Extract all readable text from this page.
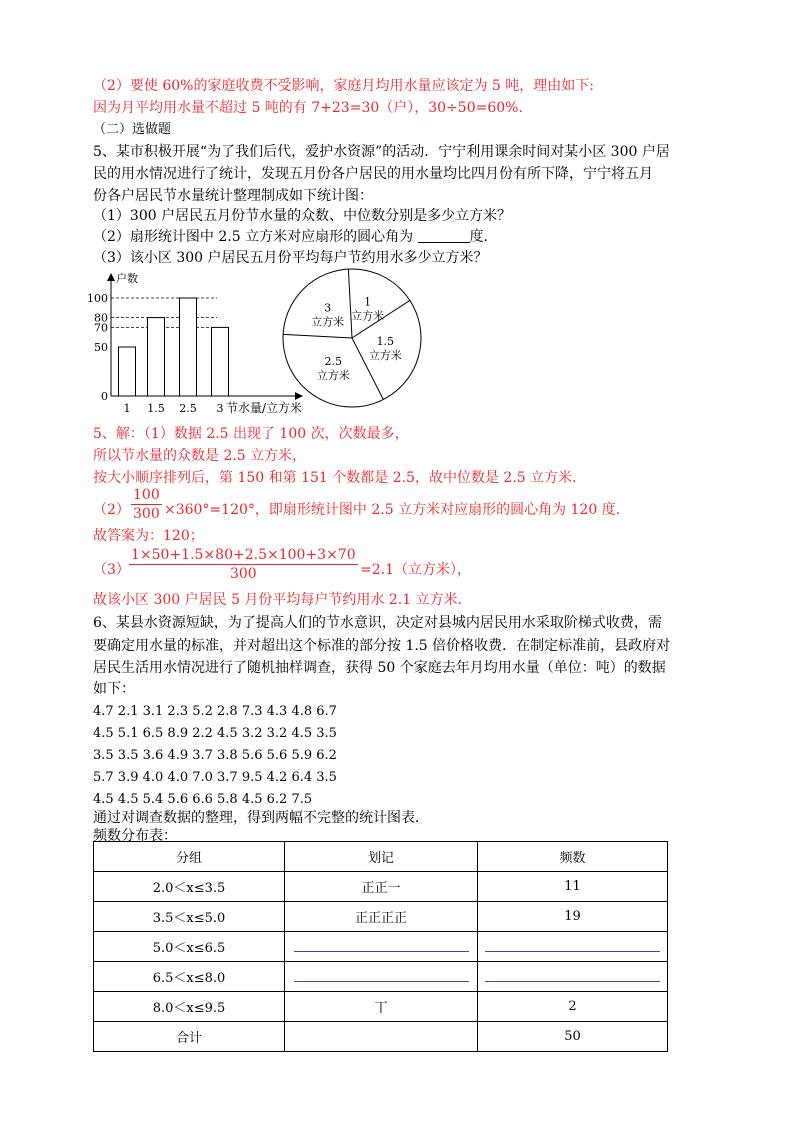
（2）要使 60%的家庭收费不受影响，家庭月均用水量应该定为 5 吨，理由如下:
因为月平均用水量不超过 5 吨的有 7+23=30（户），30÷50=60%.
（二）选做题
5、某市积极开展“为了我们后代，爱护水资源”的活动．宁宁利用课余时间对某小区 300 户居
民的用水情况进行了统计，发现五月份各户居民的用水量均比四月份有所下降，宁宁将五月
份各户居民节水量统计整理制成如下统计图：
（1）300 户居民五月份节水量的众数、中位数分别是多少立方米？
（2）扇形统计图中 2.5 立方米对应扇形的圆心角为	度．
（3）该小区 300 户居民五月份平均每户节约用水多少立方米？
0
50
70
80
100
1 1.5 2.5 3
户数
节水量/立方米
1
立方米
1.5
立方米
2.5
立方米
3
立方米
5、解：（1）数据 2.5 出现了 100 次，次数最多，
所以节水量的众数是 2.5 立方米，
按大小顺序排列后，第 150 和第 151 个数都是 2.5，故中位数是 2.5 立方米．
$(2) \frac{100}{300} \times 360^\circ=120^\circ$，即扇形统计图中 2.5 立方米对应扇形的圆心角为 120 度．
故答案为：120；
$(3) \frac{1\times 50+1.5\times 80+2.5\times 100+3\times 70}{300} =2.1$（立方米），
故该小区 300 户居民 5 月份平均每户节约用水 2.1 立方米．
6、某县水资源短缺，为了提高人们的节水意识，决定对县城内居民用水采取阶梯式收费，需
要确定用水量的标准，并对超出这个标准的部分按 1.5 倍价格收费．在制定标准前，县政府对
居民生活用水情况进行了随机抽样调查，获得 50 个家庭去年月均用水量（单位：吨）的数据
如下：
4.7 2.1 3.1 2.3 5.2 2.8 7.3 4.3 4.8 6.7
4.5 5.1 6.5 8.9 2.2 4.5 3.2 3.2 4.5 3.5
3.5 3.5 3.6 4.9 3.7 3.8 5.6 5.6 5.9 6.2
5.7 3.9 4.0 4.0 7.0 3.7 9.5 4.2 6.4 3.5
4.5 4.5 5.4 5.6 6.6 5.8 4.5 6.2 7.5
通过对调查数据的整理，得到两幅不完整的统计图表．
频数分布表：
分组	划记	频数
2.0＜x≤3.5	正正一	11
3.5＜x≤5.0	正正正正	19
5.0＜x≤6.5	

6.5＜x≤8.0	

8.0＜x≤9.5	丅	2
合计		50
